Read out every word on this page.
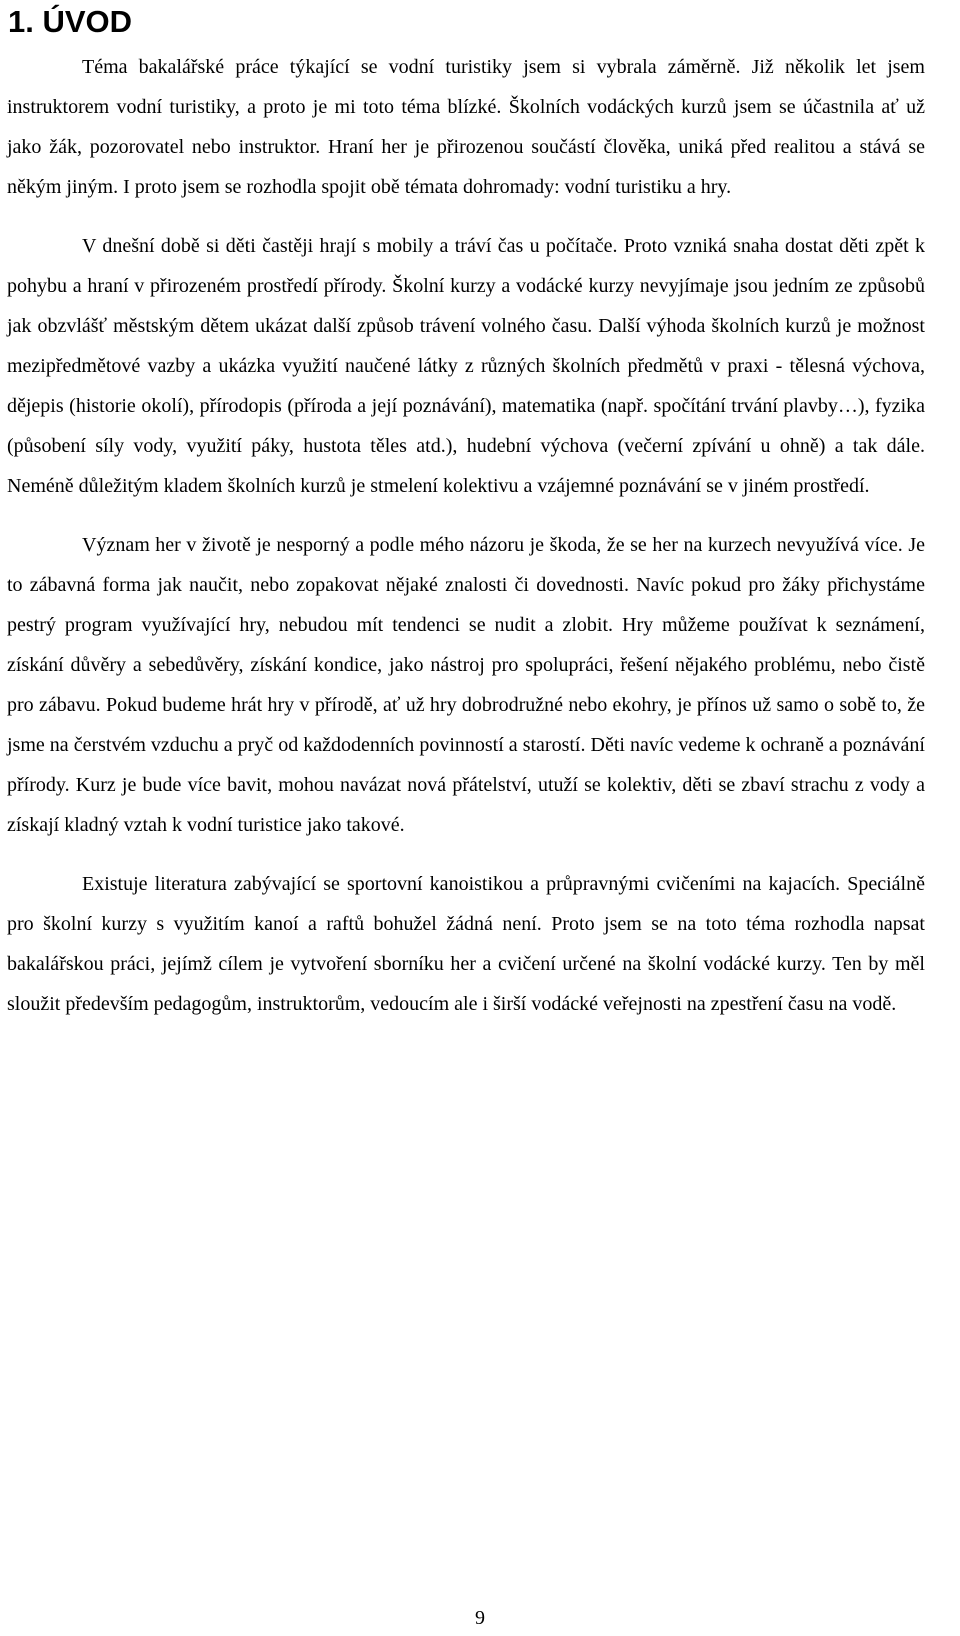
1. ÚVOD

Téma bakalářské práce týkající se vodní turistiky jsem si vybrala záměrně. Již několik let jsem instruktorem vodní turistiky, a proto je mi toto téma blízké. Školních vodáckých kurzů jsem se účastnila ať už jako žák, pozorovatel nebo instruktor. Hraní her je přirozenou součástí člověka, uniká před realitou a stává se někým jiným. I proto jsem se rozhodla spojit obě témata dohromady: vodní turistiku a hry.

V dnešní době si děti častěji hrají s mobily a tráví čas u počítače. Proto vzniká snaha dostat děti zpět k pohybu a hraní v přirozeném prostředí přírody. Školní kurzy a vodácké kurzy nevyjímaje jsou jedním ze způsobů jak obzvlášť městským dětem ukázat další způsob trávení volného času. Další výhoda školních kurzů je možnost mezipředmětové vazby a ukázka využití naučené látky z různých školních předmětů v praxi - tělesná výchova, dějepis (historie okolí), přírodopis (příroda a její poznávání), matematika (např. spočítání trvání plavby…), fyzika (působení síly vody, využití páky, hustota těles atd.), hudební výchova (večerní zpívání u ohně) a tak dále. Neméně důležitým kladem školních kurzů je stmelení kolektivu a vzájemné poznávání se v jiném prostředí.

Význam her v životě je nesporný a podle mého názoru je škoda, že se her na kurzech nevyužívá více. Je to zábavná forma jak naučit, nebo zopakovat nějaké znalosti či dovednosti. Navíc pokud pro žáky přichystáme pestrý program využívající hry, nebudou mít tendenci se nudit a zlobit. Hry můžeme používat k seznámení, získání důvěry a sebedůvěry, získání kondice, jako nástroj pro spolupráci, řešení nějakého problému, nebo čistě pro zábavu. Pokud budeme hrát hry v přírodě, ať už hry dobrodružné nebo ekohry, je přínos už samo o sobě to, že jsme na čerstvém vzduchu a pryč od každodenních povinností a starostí. Děti navíc vedeme k ochraně a poznávání přírody. Kurz je bude více bavit, mohou navázat nová přátelství, utuží se kolektiv, děti se zbaví strachu z vody a získají kladný vztah k vodní turistice jako takové.

Existuje literatura zabývající se sportovní kanoistikou a průpravnými cvičeními na kajacích. Speciálně pro školní kurzy s využitím kanoí a raftů bohužel žádná není. Proto jsem se na toto téma rozhodla napsat bakalářskou práci, jejímž cílem je vytvoření sborníku her a cvičení určené na školní vodácké kurzy. Ten by měl sloužit především pedagogům, instruktorům, vedoucím ale i širší vodácké veřejnosti na zpestření času na vodě.

9
